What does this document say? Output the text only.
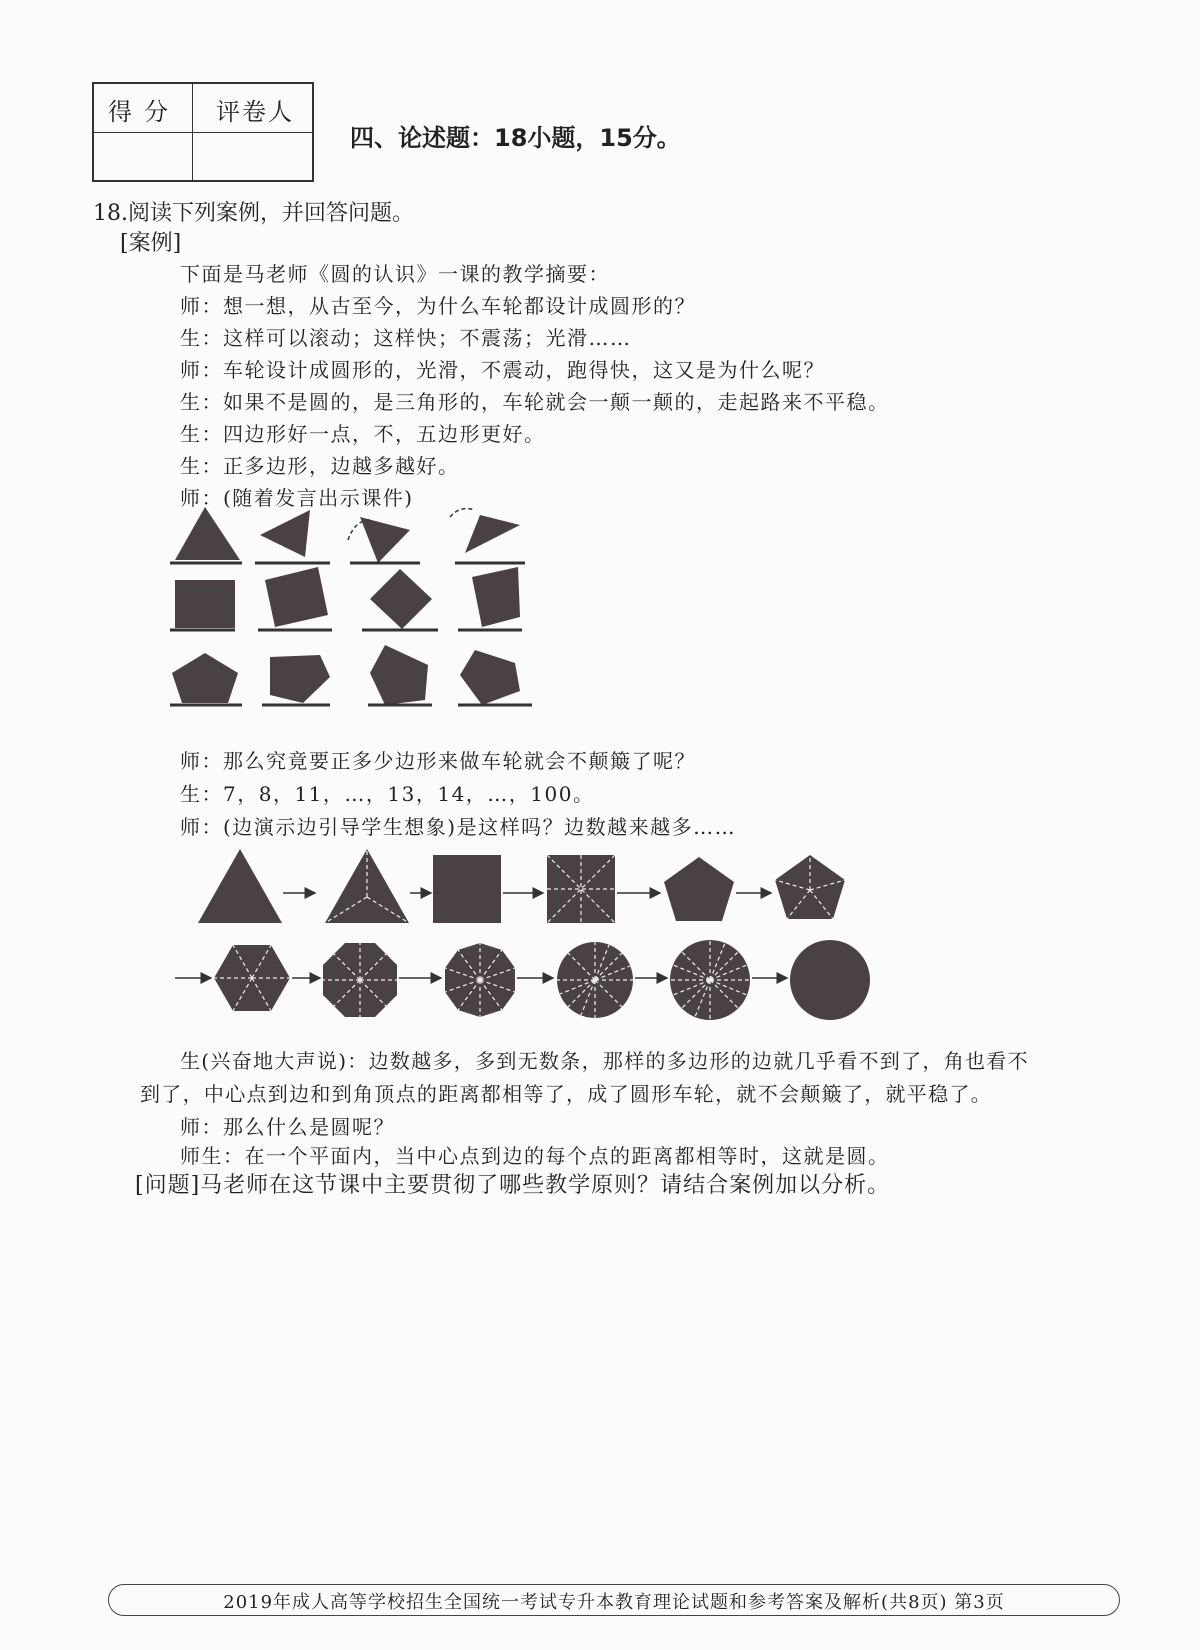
得分 评卷人
四、论述题：18小题，15分。
18.阅读下列案例，并回答问题。
[案例]
下面是马老师《圆的认识》一课的教学摘要：
师：想一想，从古至今，为什么车轮都设计成圆形的？
生：这样可以滚动；这样快；不震荡；光滑……
师：车轮设计成圆形的，光滑，不震动，跑得快，这又是为什么呢？
生：如果不是圆的，是三角形的，车轮就会一颠一颠的，走起路来不平稳。
生：四边形好一点，不，五边形更好。
生：正多边形，边越多越好。
师：(随着发言出示课件)
师：那么究竟要正多少边形来做车轮就会不颠簸了呢？
生：7，8，11，…，13，14，…，100。
师：(边演示边引导学生想象)是这样吗？边数越来越多……
生(兴奋地大声说)：边数越多，多到无数条，那样的多边形的边就几乎看不到了，角也看不
到了，中心点到边和到角顶点的距离都相等了，成了圆形车轮，就不会颠簸了，就平稳了。
师：那么什么是圆呢？
师生：在一个平面内，当中心点到边的每个点的距离都相等时，这就是圆。
[问题]马老师在这节课中主要贯彻了哪些教学原则？请结合案例加以分析。
2019年成人高等学校招生全国统一考试专升本教育理论试题和参考答案及解析(共8页) 第3页
